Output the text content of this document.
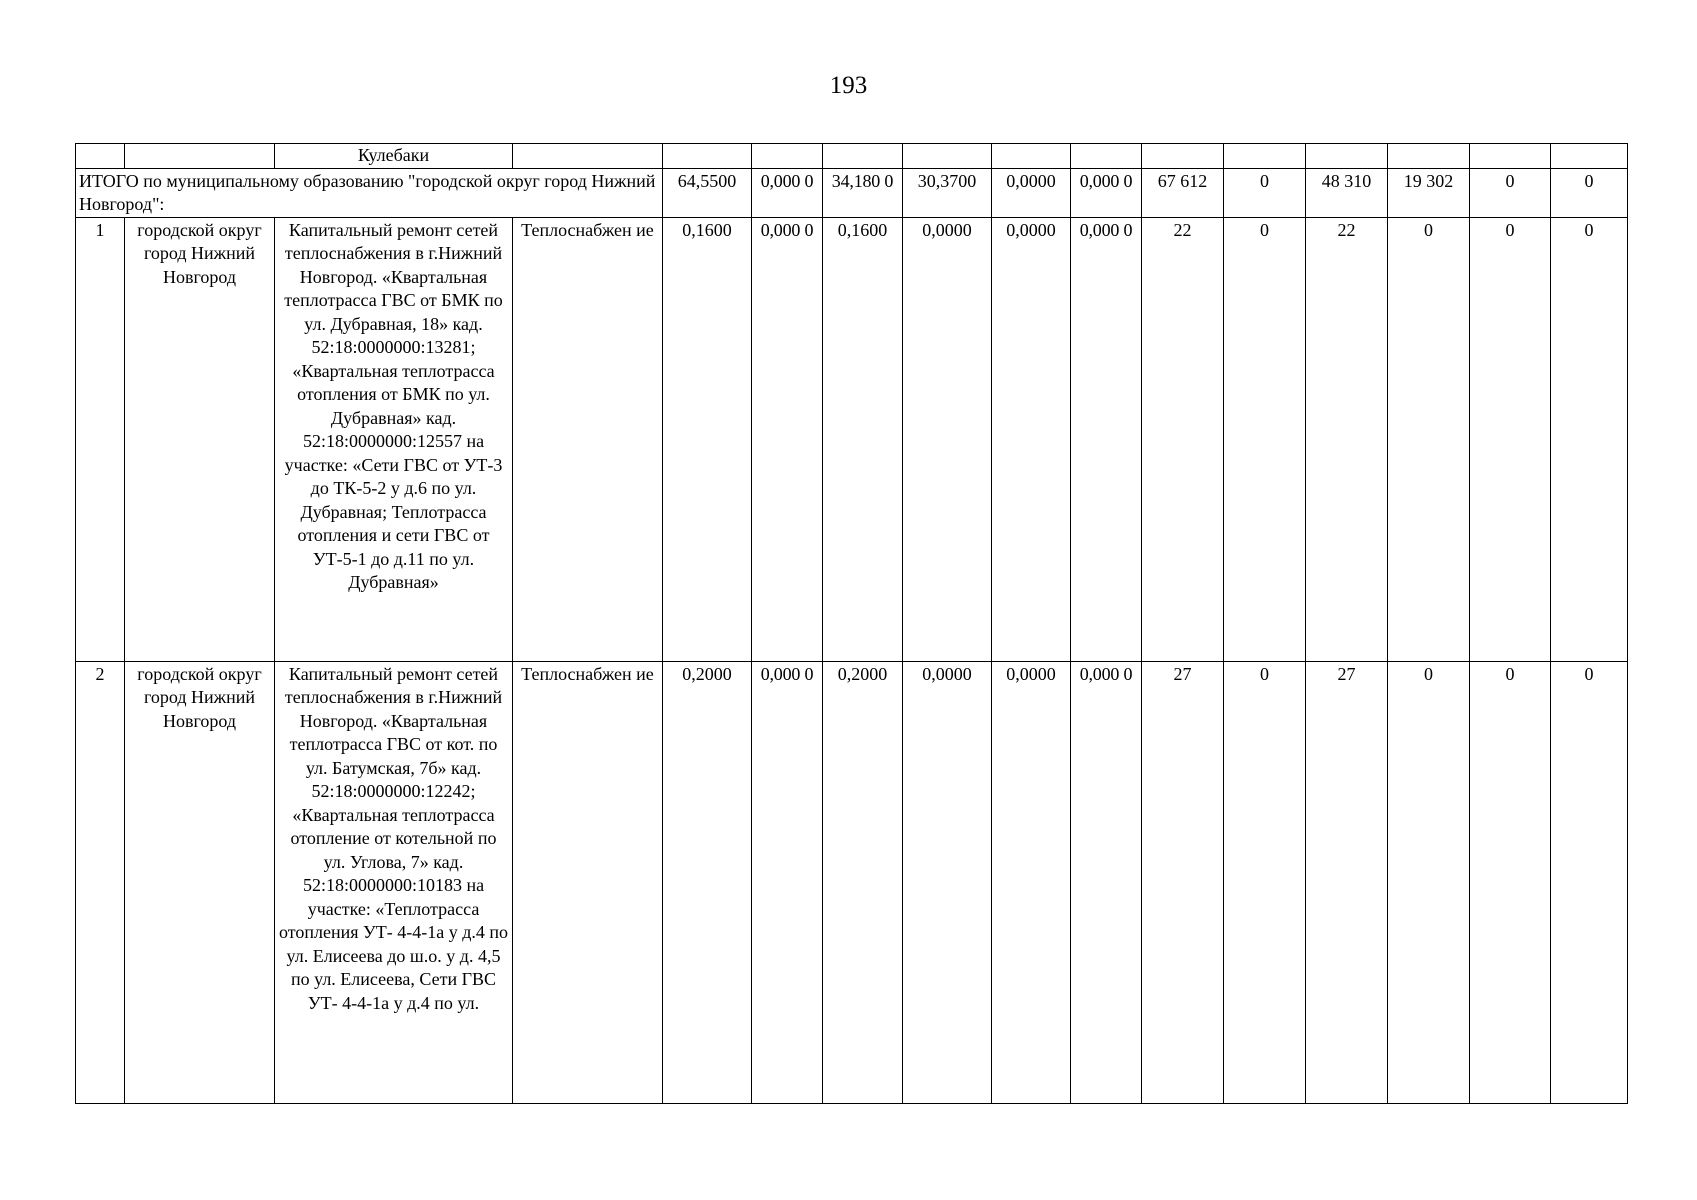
193
		Кулебаки													
ИТОГО по муниципальному образованию "городской округ город Нижний Новгород":				64,5500	0,000 0	34,180 0	30,3700	0,0000	0,000 0	67 612	0	48 310	19 302	0	0
1	городской округ город Нижний Новгород	Капитальный ремонт сетей теплоснабжения в г.Нижний Новгород. «Квартальная теплотрасса ГВС от БМК по ул. Дубравная, 18» кад. 52:18:0000000:13281; «Квартальная теплотрасса отопления от БМК по ул. Дубравная» кад. 52:18:0000000:12557 на участке: «Сети ГВС от УТ-3 до ТК-5-2 у д.6 по ул. Дубравная; Теплотрасса отопления и сети ГВС от УТ-5-1 до д.11 по ул. Дубравная»	Теплоснабжен ие	0,1600	0,000 0	0,1600	0,0000	0,0000	0,000 0	22	0	22	0	0	0
2	городской округ город Нижний Новгород	Капитальный ремонт сетей теплоснабжения в г.Нижний Новгород. «Квартальная теплотрасса ГВС от кот. по ул. Батумская, 7б» кад. 52:18:0000000:12242; «Квартальная теплотрасса отопление от котельной по ул. Углова, 7» кад. 52:18:0000000:10183 на участке: «Теплотрасса отопления УТ- 4-4-1а у д.4 по ул. Елисеева до ш.о. у д. 4,5 по ул. Елисеева, Сети ГВС УТ- 4-4-1а у д.4 по ул.	Теплоснабжен ие	0,2000	0,000 0	0,2000	0,0000	0,0000	0,000 0	27	0	27	0	0	0
